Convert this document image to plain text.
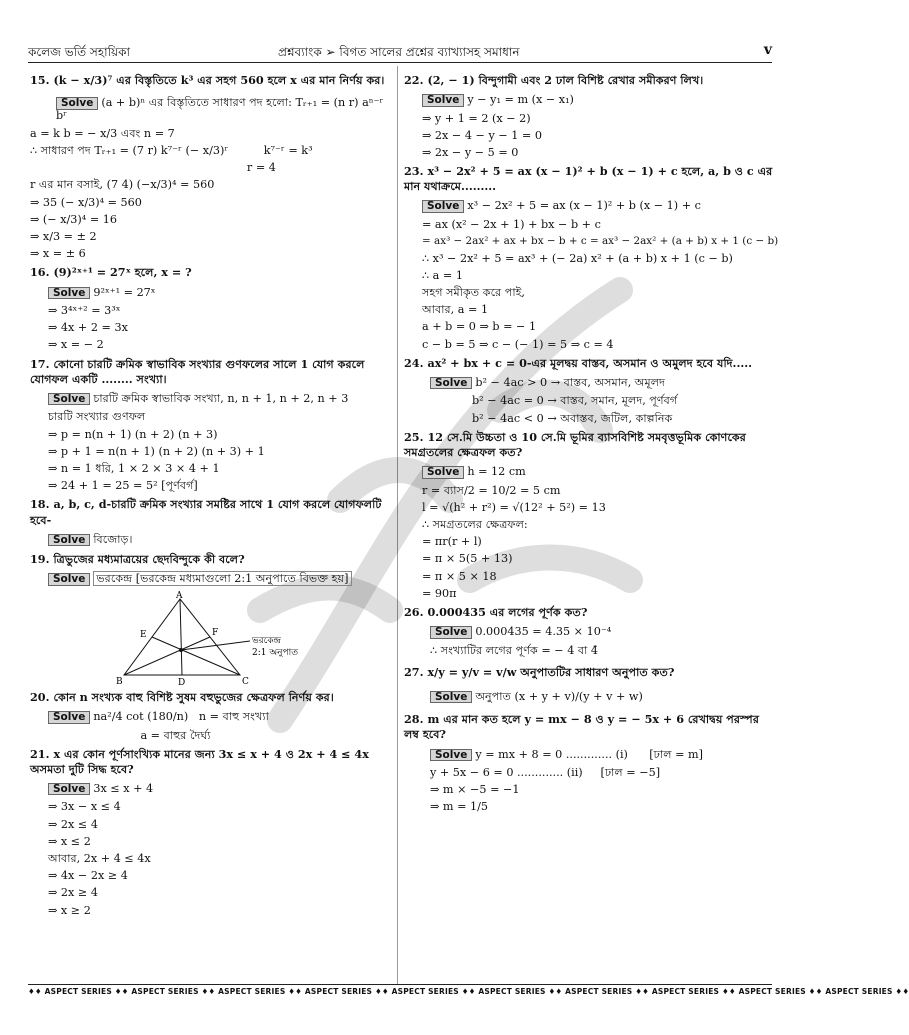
কলেজ ভর্তি সহায়িকা	প্রশ্নব্যাংক ➢ বিগত সালের প্রশ্নের ব্যাখ্যাসহ সমাধান	v
15. (k − x/3)⁷ এর বিস্তৃতিতে k³ এর সহগ 560 হলে x এর মান নির্ণয় কর।
Solve (a + b)ⁿ এর বিস্তৃতিতে সাধারণ পদ হলো: Tᵣ₊₁ = (n r) aⁿ⁻ʳ bʳ
a = k b = − x/3 এবং n = 7
∴ সাধারণ পদ Tᵣ₊₁ = (7 r) k⁷⁻ʳ (− x/3)ʳ          k⁷⁻ʳ = k³
r = 4
r এর মান বসাই, (7 4) (−x/3)⁴ = 560
⇒ 35 (− x/3)⁴ = 560
⇒ (− x/3)⁴ = 16
⇒ x/3 = ± 2
⇒ x = ± 6
16. (9)²ˣ⁺¹ = 27ˣ হলে, x = ?
Solve 9²ˣ⁺¹ = 27ˣ
⇒ 3⁴ˣ⁺² = 3³ˣ
⇒ 4x + 2 = 3x
⇒ x = − 2
17. কোনো চারটি ক্রমিক স্বাভাবিক সংখ্যার গুণফলের সালে 1 যোগ করলে যোগফল একটি ........ সংখ্যা।
Solve চারটি ক্রমিক স্বাভাবিক সংখ্যা, n, n + 1, n + 2, n + 3
চারটি সংখ্যার গুণফল
⇒ p = n(n + 1) (n + 2) (n + 3)
⇒ p + 1 = n(n + 1) (n + 2) (n + 3) + 1
⇒ n = 1 ধরি, 1 × 2 × 3 × 4 + 1
⇒ 24 + 1 = 25 = 5² [পূর্ণবর্গ]
18. a, b, c, d-চারটি ক্রমিক সংখ্যার সমষ্টির সাথে 1 যোগ করলে যোগফলটি হবে-
Solve বিজোড়।
19. ত্রিভুজের মধ্যমাত্রয়ের ছেদবিন্দুকে কী বলে?
Solve ভরকেন্দ্র [ভরকেন্দ্র মধ্যমাগুলো 2:1 অনুপাতে বিভক্ত হয়]
A
B	C
D
E	F
ভরকেন্দ্র
2:1 অনুপাত
20. কোন n সংখ্যক বাহু বিশিষ্ট সুষম বহুভুজের ক্ষেত্রফল নির্ণয় কর।
Solve na²/4 cot (180/n)   n = বাহু সংখ্যা
a = বাহুর দৈর্ঘ্য
21. x এর কোন পূর্ণসাংখ্যিক মানের জন্য 3x ≤ x + 4 ও 2x + 4 ≤ 4x অসমতা দুটি সিদ্ধ হবে?
Solve 3x ≤ x + 4
⇒ 3x − x ≤ 4
⇒ 2x ≤ 4
⇒ x ≤ 2
আবার, 2x + 4 ≤ 4x
⇒ 4x − 2x ≥ 4
⇒ 2x ≥ 4
⇒ x ≥ 2
22. (2, − 1) বিন্দুগামী এবং 2 ঢাল বিশিষ্ট রেখার সমীকরণ লিখ।
Solve y − y₁ = m (x − x₁)
⇒ y + 1 = 2 (x − 2)
⇒ 2x − 4 − y − 1 = 0
⇒ 2x − y − 5 = 0
23. x³ − 2x² + 5 = ax (x − 1)² + b (x − 1) + c হলে, a, b ও c এর মান যথাক্রমে.........
Solve x³ − 2x² + 5 = ax (x − 1)² + b (x − 1) + c
= ax (x² − 2x + 1) + bx − b + c
= ax³ − 2ax² + ax + bx − b + c = ax³ − 2ax² + (a + b) x + 1 (c − b)
∴ x³ − 2x² + 5 = ax³ + (− 2a) x² + (a + b) x + 1 (c − b)
∴ a = 1
সহগ সমীকৃত করে পাই,
আবার, a = 1
a + b = 0 ⇒ b = − 1
c − b = 5 ⇒ c − (− 1) = 5 ⇒ c = 4
24. ax² + bx + c = 0-এর মূলদ্বয় বাস্তব, অসমান ও অমুলদ হবে যদি.....
Solve b² − 4ac > 0 → বাস্তব, অসমান, অমূলদ
b² − 4ac = 0 → বাস্তব, সমান, মূলদ, পূর্ণবর্গ
b² − 4ac < 0 → অবাস্তব, জটিল, কাল্পনিক
25. 12 সে.মি উচ্চতা ও 10 সে.মি ভূমির ব্যাসবিশিষ্ট সমবৃত্তভূমিক কোণকের সমগ্রতলের ক্ষেত্রফল কত?
Solve h = 12 cm
r = ব্যাস/2 = 10/2 = 5 cm
l = √(h² + r²) = √(12² + 5²) = 13
∴ সমগ্রতলের ক্ষেত্রফল:
= πr(r + l)
= π × 5(5 + 13)
= π × 5 × 18
= 90π
26. 0.000435 এর লগের পূর্ণক কত?
Solve 0.000435 = 4.35 × 10⁻⁴
∴ সংখ্যাটির লগের পূর্ণক = − 4 বা 4̄
27. x/y = y/v = v/w অনুপাতটির সাধারণ অনুপাত কত?
Solve অনুপাত (x + y + v)/(y + v + w)
28. m এর মান কত হলে y = mx − 8 ও y = − 5x + 6 রেখাদ্বয় পরস্পর লম্ব হবে?
Solve y = mx + 8 = 0 ............. (i)      [ঢাল = m]
y + 5x − 6 = 0 ............. (ii)     [ঢাল = −5]
⇒ m × −5 = −1
⇒ m = 1/5
♦♦ ASPECT SERIES ♦♦ ASPECT SERIES ♦♦ ASPECT SERIES ♦♦ ASPECT SERIES ♦♦ ASPECT SERIES ♦♦ ASPECT SERIES ♦♦ ASPECT SERIES ♦♦ ASPECT SERIES ♦♦ ASPECT SERIES ♦♦ ASPECT SERIES ♦♦
